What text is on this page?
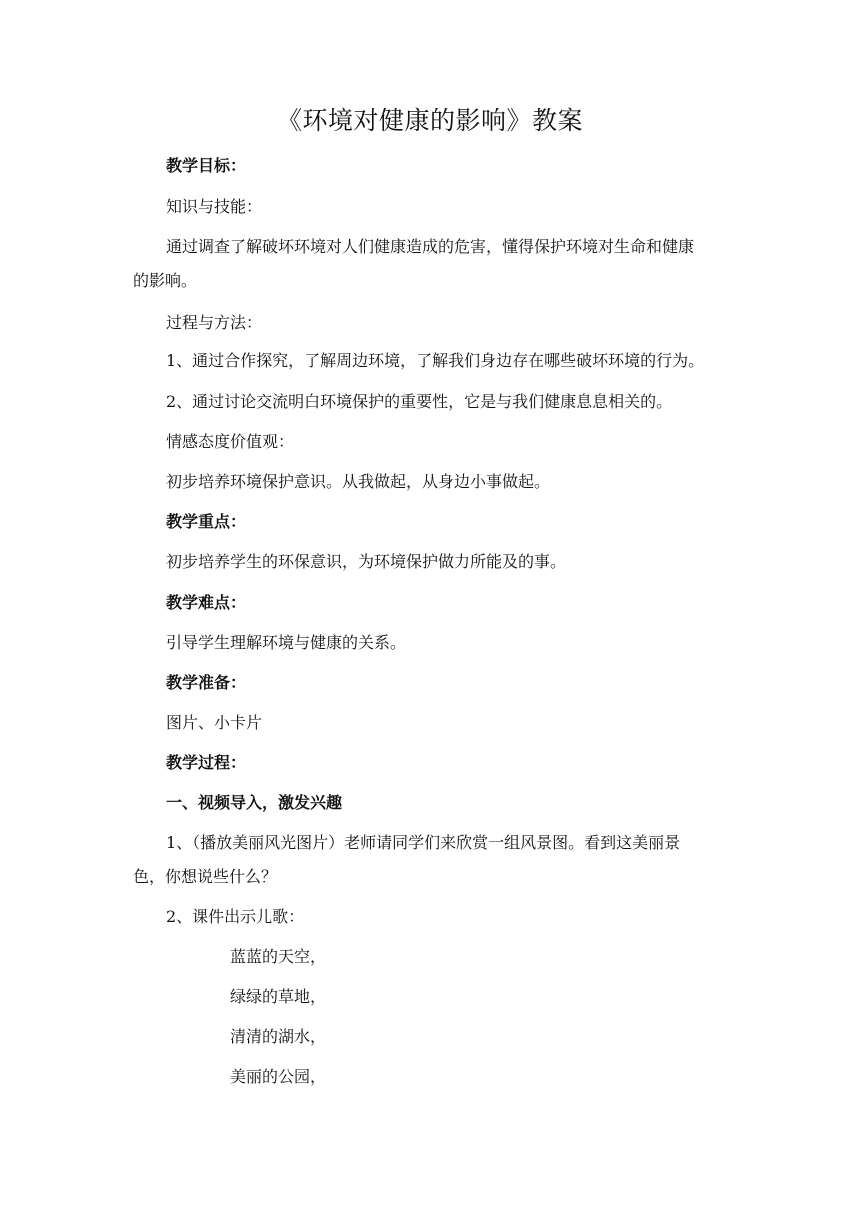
《环境对健康的影响》教案
教学目标：
知识与技能：
通过调查了解破坏环境对人们健康造成的危害，懂得保护环境对生命和健康
的影响。
过程与方法：
1、通过合作探究，了解周边环境，了解我们身边存在哪些破坏环境的行为。
2、通过讨论交流明白环境保护的重要性，它是与我们健康息息相关的。
情感态度价值观：
初步培养环境保护意识。从我做起，从身边小事做起。
教学重点：
初步培养学生的环保意识，为环境保护做力所能及的事。
教学难点：
引导学生理解环境与健康的关系。
教学准备：
图片、小卡片
教学过程：
一、视频导入，激发兴趣
1、（播放美丽风光图片）老师请同学们来欣赏一组风景图。看到这美丽景
色，你想说些什么？
2、课件出示儿歌：
蓝蓝的天空，
绿绿的草地，
清清的湖水，
美丽的公园，
